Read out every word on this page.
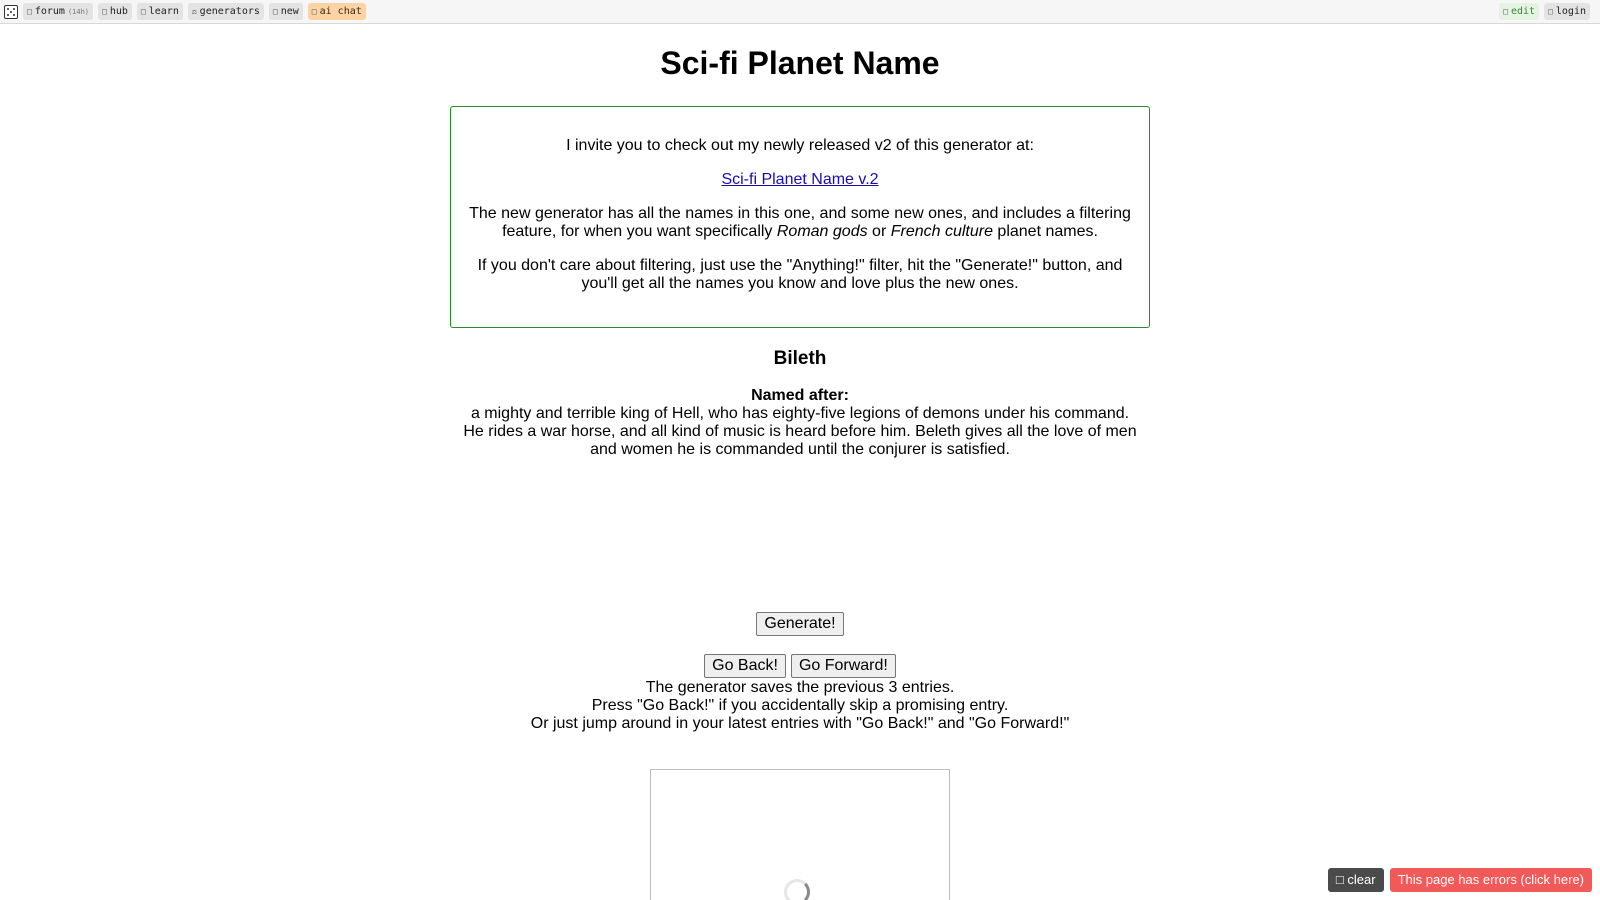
□ forum (14h) □ hub □ learn ⚖ generators □ new □ ai chat	□ edit □ login
Sci-fi Planet Name

I invite you to check out my newly released v2 of this generator at:

Sci-fi Planet Name v.2

The new generator has all the names in this one, and some new ones, and includes a filtering feature, for when you want specifically Roman gods or French culture planet names.

If you don't care about filtering, just use the "Anything!" filter, hit the "Generate!" button, and you'll get all the names you know and love plus the new ones.

Bileth
Named after:
a mighty and terrible king of Hell, who has eighty-five legions of demons under his command. He rides a war horse, and all kind of music is heard before him. Beleth gives all the love of men and women he is commanded until the conjurer is satisfied.
Generate!
Go Back!	Go Forward!
The generator saves the previous 3 entries.
Press "Go Back!" if you accidentally skip a promising entry.
Or just jump around in your latest entries with "Go Back!" and "Go Forward!"
□ clear	This page has errors (click here)
